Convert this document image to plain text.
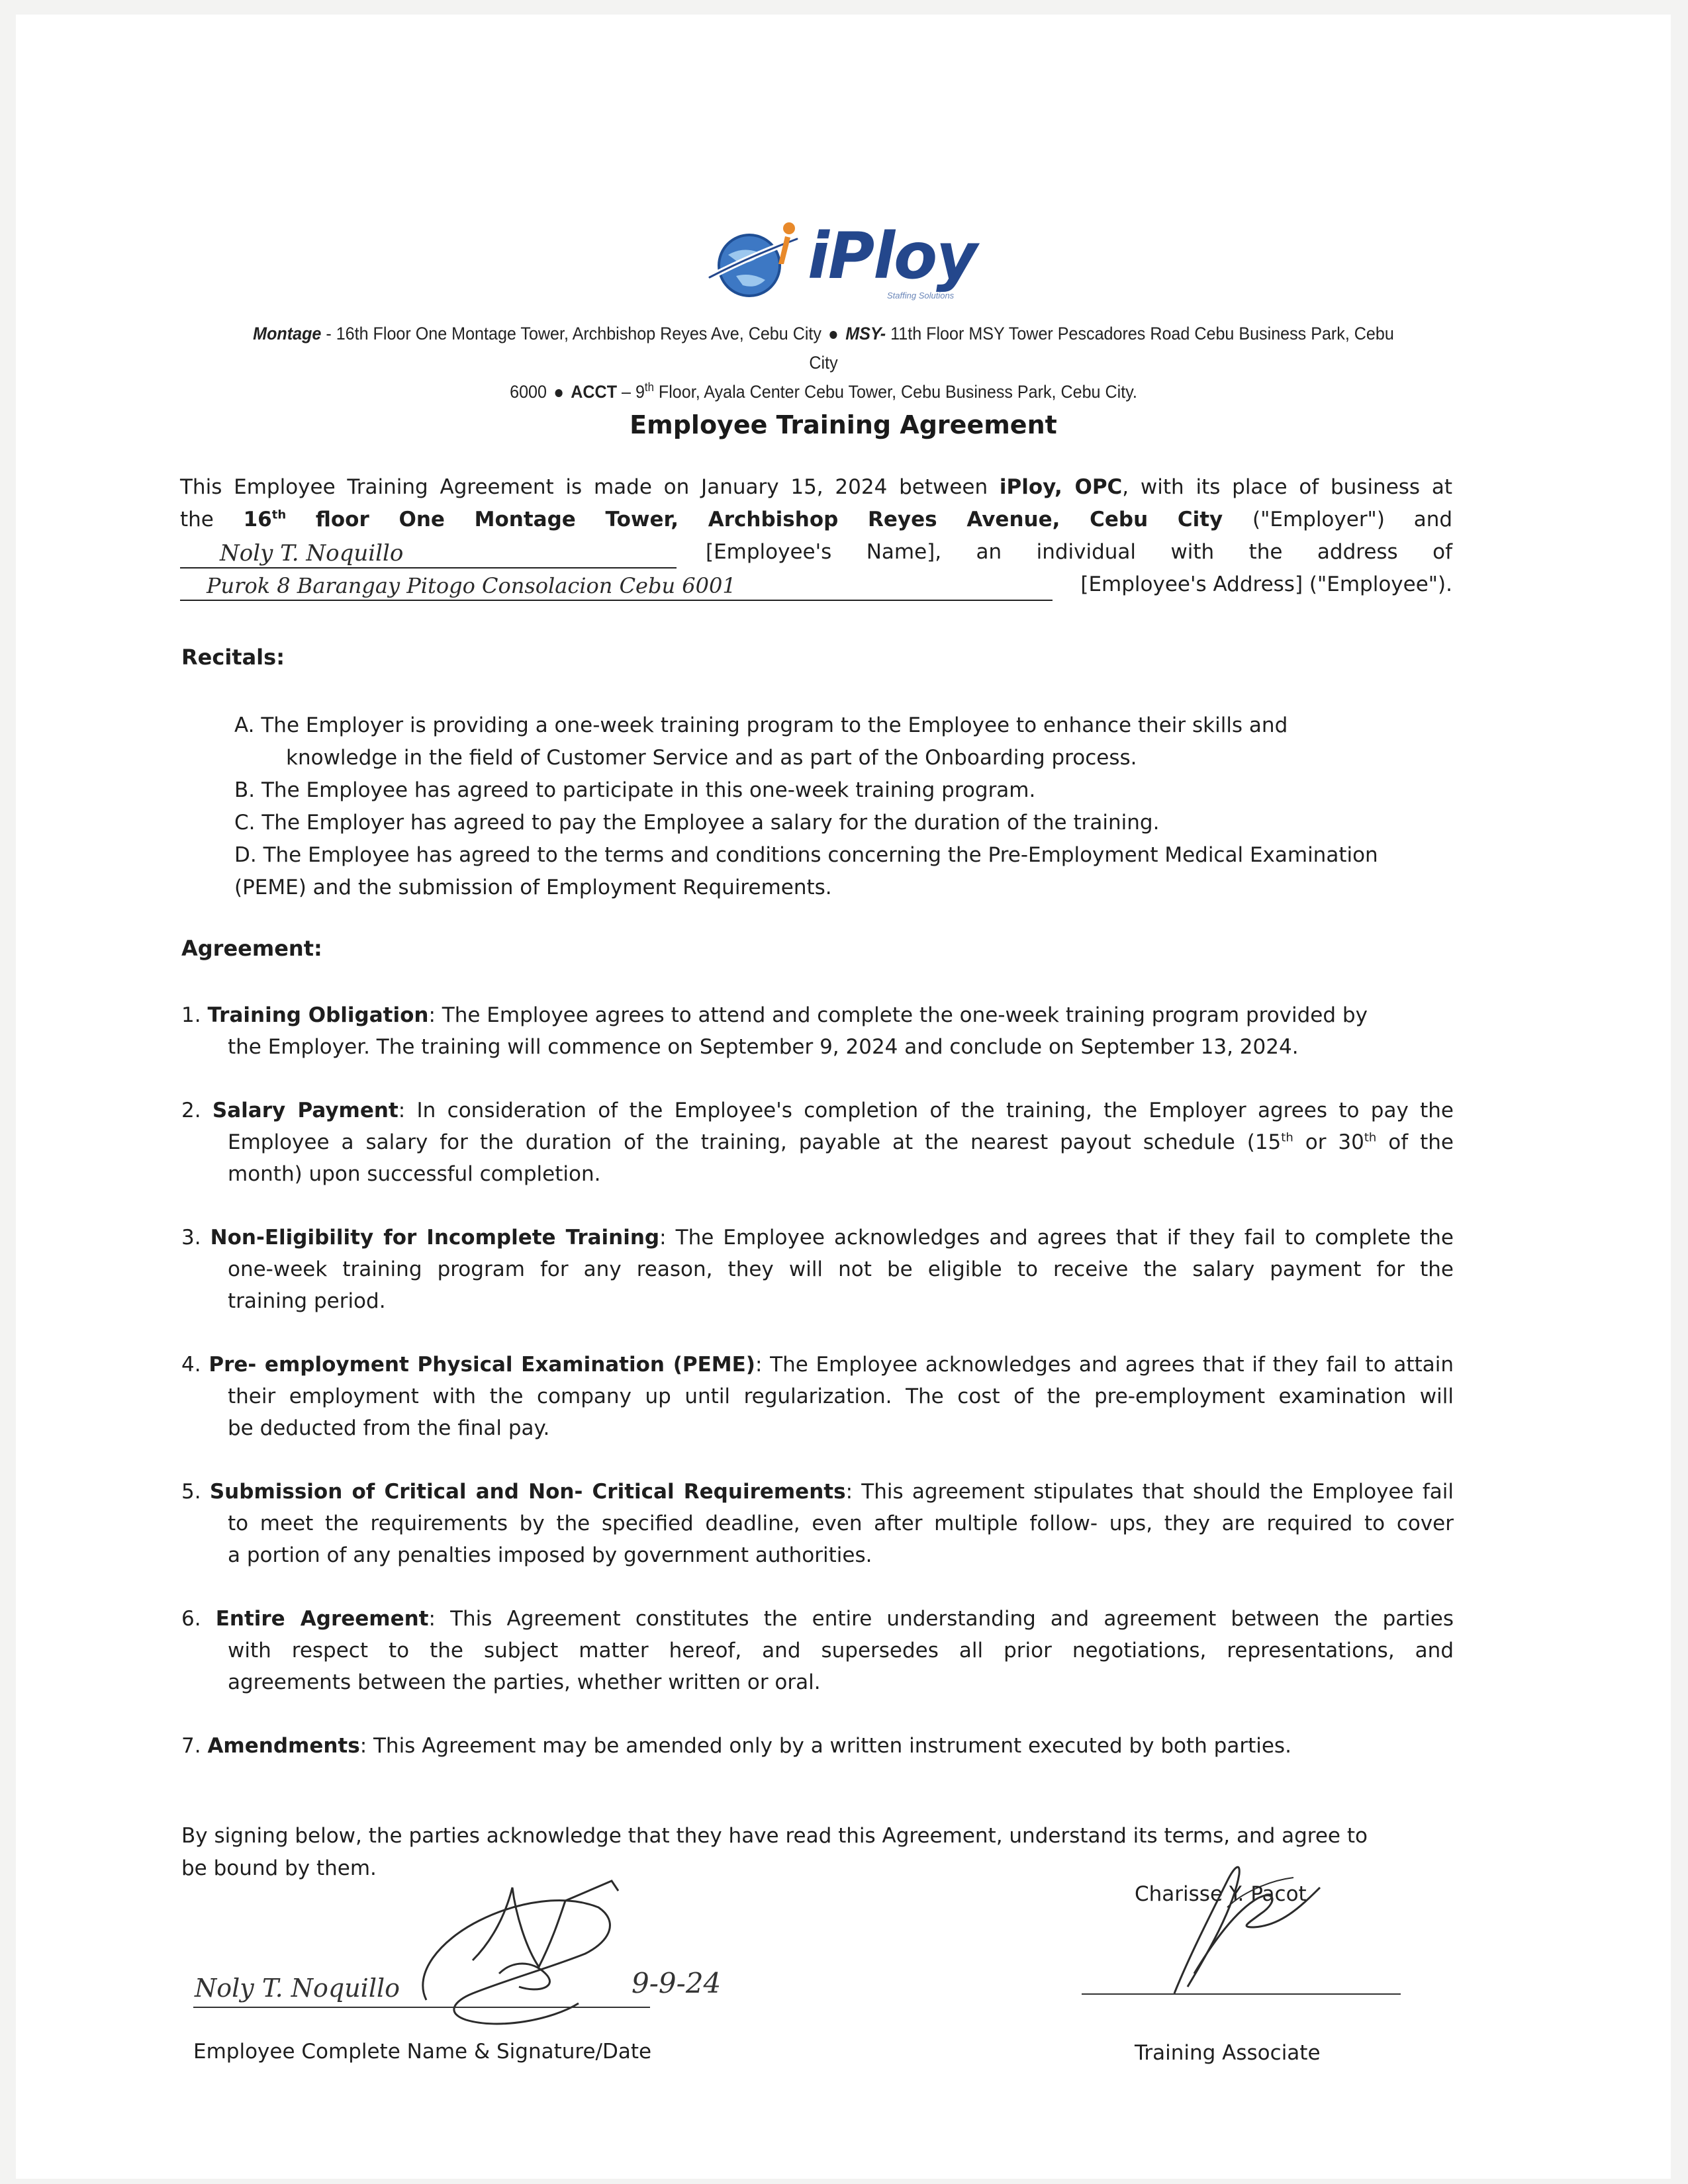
iPloy
Staffing Solutions
Montage - 16th Floor One Montage Tower, Archbishop Reyes Ave, Cebu City MSY- 11th Floor MSY Tower Pescadores Road Cebu Business Park, Cebu City
6000 ACCT – 9th Floor, Ayala Center Cebu Tower, Cebu Business Park, Cebu City.
Employee Training Agreement
This Employee Training Agreement is made on January 15, 2024 between iPloy, OPC, with its place of business at
the 16th floor One Montage Tower, Archbishop Reyes Avenue, Cebu City ("Employer") and
Noly T. Noquillo	[Employee's Name], an individual with the address of
Purok 8 Barangay Pitogo Consolacion Cebu 6001	[Employee's Address] ("Employee").
Recitals:
A. The Employer is providing a one-week training program to the Employee to enhance their skills and
knowledge in the field of Customer Service and as part of the Onboarding process.
B. The Employee has agreed to participate in this one-week training program.
C. The Employer has agreed to pay the Employee a salary for the duration of the training.
D. The Employee has agreed to the terms and conditions concerning the Pre-Employment Medical Examination
(PEME) and the submission of Employment Requirements.
Agreement:
1. Training Obligation: The Employee agrees to attend and complete the one-week training program provided by
the Employer. The training will commence on September 9, 2024 and conclude on September 13, 2024.
2. Salary Payment: In consideration of the Employee's completion of the training, the Employer agrees to pay the
Employee a salary for the duration of the training, payable at the nearest payout schedule (15th or 30th of the
month) upon successful completion.
3. Non-Eligibility for Incomplete Training: The Employee acknowledges and agrees that if they fail to complete the
one-week training program for any reason, they will not be eligible to receive the salary payment for the
training period.
4. Pre- employment Physical Examination (PEME): The Employee acknowledges and agrees that if they fail to attain
their employment with the company up until regularization. The cost of the pre-employment examination will
be deducted from the final pay.
5. Submission of Critical and Non- Critical Requirements: This agreement stipulates that should the Employee fail
to meet the requirements by the specified deadline, even after multiple follow- ups, they are required to cover
a portion of any penalties imposed by government authorities.
6. Entire Agreement: This Agreement constitutes the entire understanding and agreement between the parties
with respect to the subject matter hereof, and supersedes all prior negotiations, representations, and
agreements between the parties, whether written or oral.
7. Amendments: This Agreement may be amended only by a written instrument executed by both parties.
By signing below, the parties acknowledge that they have read this Agreement, understand its terms, and agree to
be bound by them.
Noly T. Noquillo	9-9-24
Employee Complete Name & Signature/Date
Charisse Y. Pacot
Training Associate
